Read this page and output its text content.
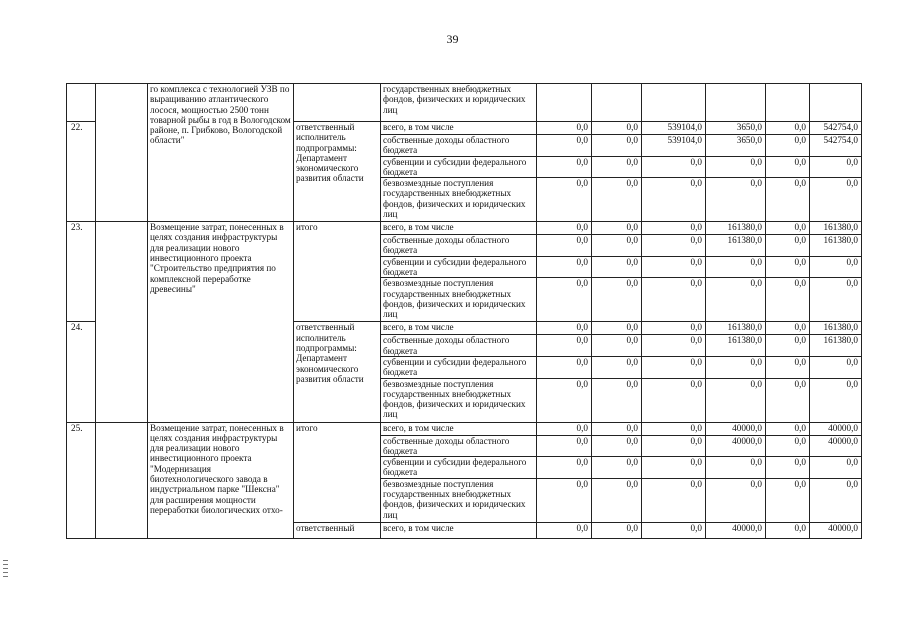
39
		го комплекса с технологией УЗВ по выращиванию атлантического лосося, мощностью 2500 тонн товарной рыбы в год в Вологодском районе, п. Грибково, Вологодской области"		государственных внебюджетных фондов, физических и юридических лиц						
22.			ответственный исполнитель подпрограммы: Департамент экономического развития области	всего, в том числе	0,0	0,0	539104,0	3650,0	0,0	542754,0
				собственные доходы областного бюджета	0,0	0,0	539104,0	3650,0	0,0	542754,0
				субвенции и субсидии федерального бюджета	0,0	0,0	0,0	0,0	0,0	0,0
				безвозмездные поступления государственных внебюджетных фондов, физических и юридических лиц	0,0	0,0	0,0	0,0	0,0	0,0
23.		Возмещение затрат, понесенных в целях создания инфраструктуры для реализации нового инвестиционного проекта "Строительство предприятия по комплексной переработке древесины"	итого	всего, в том числе	0,0	0,0	0,0	161380,0	0,0	161380,0
				собственные доходы областного бюджета	0,0	0,0	0,0	161380,0	0,0	161380,0
				субвенции и субсидии федерального бюджета	0,0	0,0	0,0	0,0	0,0	0,0
				безвозмездные поступления государственных внебюджетных фондов, физических и юридических лиц	0,0	0,0	0,0	0,0	0,0	0,0
24.			ответственный исполнитель подпрограммы: Департамент экономического развития области	всего, в том числе	0,0	0,0	0,0	161380,0	0,0	161380,0
				собственные доходы областного бюджета	0,0	0,0	0,0	161380,0	0,0	161380,0
				субвенции и субсидии федерального бюджета	0,0	0,0	0,0	0,0	0,0	0,0
				безвозмездные поступления государственных внебюджетных фондов, физических и юридических лиц	0,0	0,0	0,0	0,0	0,0	0,0
25.		Возмещение затрат, понесенных в целях создания инфраструктуры для реализации нового инвестиционного проекта "Модернизация биотехнологического завода в индустриальном парке "Шексна" для расширения мощности переработки биологических отхо-	итого	всего, в том числе	0,0	0,0	0,0	40000,0	0,0	40000,0
				собственные доходы областного бюджета	0,0	0,0	0,0	40000,0	0,0	40000,0
				субвенции и субсидии федерального бюджета	0,0	0,0	0,0	0,0	0,0	0,0
				безвозмездные поступления государственных внебюджетных фондов, физических и юридических лиц	0,0	0,0	0,0	0,0	0,0	0,0
			ответственный	всего, в том числе	0,0	0,0	0,0	40000,0	0,0	40000,0
